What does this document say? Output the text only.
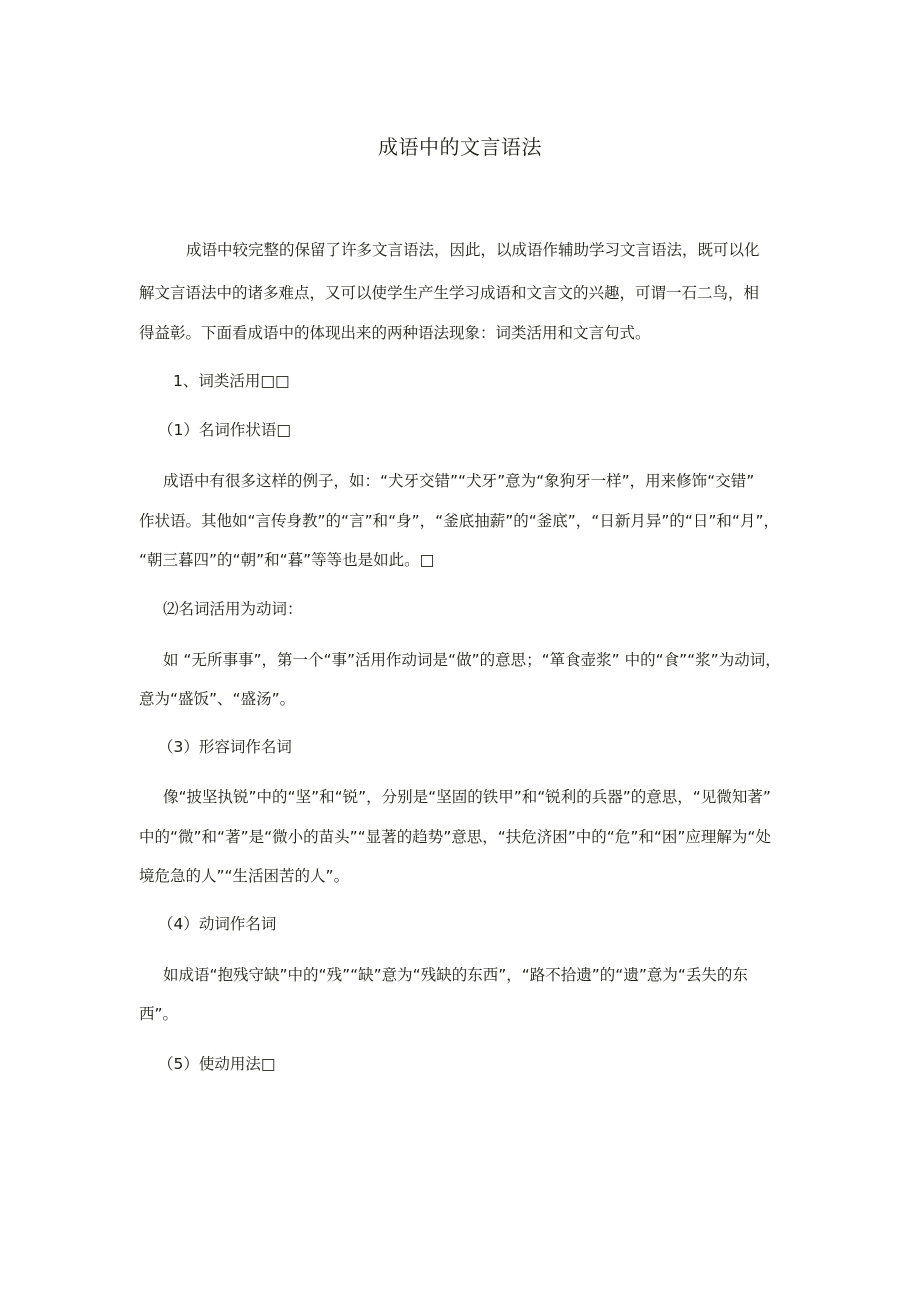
成语中的文言语法
成语中较完整的保留了许多文言语法，因此，以成语作辅助学习文言语法，既可以化
解文言语法中的诸多难点，又可以使学生产生学习成语和文言文的兴趣，可谓一石二鸟，相
得益彰。下面看成语中的体现出来的两种语法现象：词类活用和文言句式。
1、词类活用□□
（1）名词作状语□
成语中有很多这样的例子，如：“犬牙交错”“犬牙”意为“象狗牙一样”，用来修饰“交错”
作状语。其他如“言传身教”的“言”和“身”，“釜底抽薪”的“釜底”，“日新月异”的“日”和“月”，
“朝三暮四”的“朝”和“暮”等等也是如此。□
⑵名词活用为动词：
如 “无所事事”，第一个“事”活用作动词是“做”的意思；“箪食壶浆” 中的“食”“浆”为动词，
意为“盛饭”、“盛汤”。
（3）形容词作名词
像“披坚执锐”中的“坚”和“锐”，分别是“坚固的铁甲”和“锐利的兵器”的意思，“见微知著”
中的“微”和“著”是“微小的苗头”“显著的趋势”意思，“扶危济困”中的“危”和“困”应理解为“处
境危急的人”“生活困苦的人”。
（4）动词作名词
如成语“抱残守缺”中的“残”“缺”意为“残缺的东西”，“路不拾遗”的“遗”意为“丢失的东
西”。
（5）使动用法□
